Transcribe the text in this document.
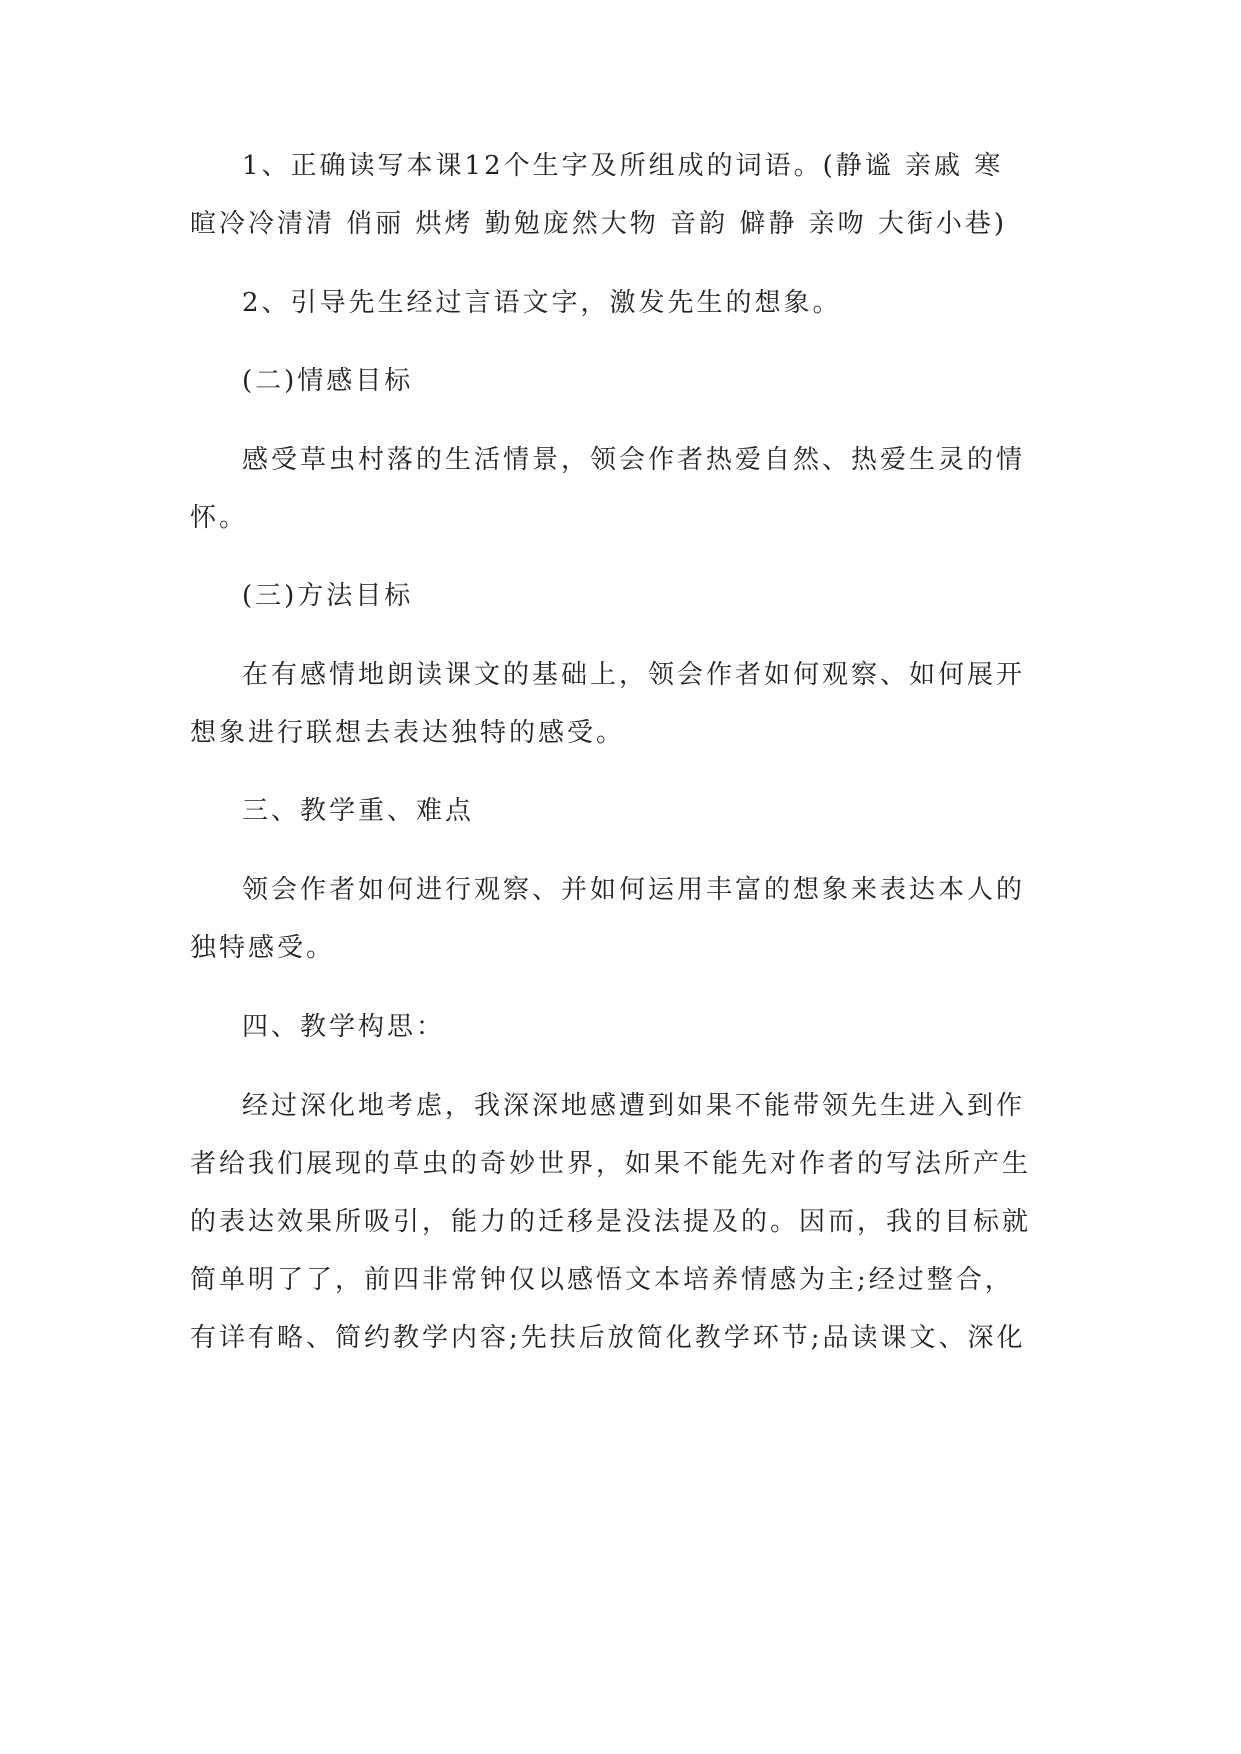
1、正确读写本课12个生字及所组成的词语。(静谧 亲戚 寒
暄冷冷清清 俏丽 烘烤 勤勉庞然大物 音韵 僻静 亲吻 大街小巷)
2、引导先生经过言语文字，激发先生的想象。
(二)情感目标
感受草虫村落的生活情景，领会作者热爱自然、热爱生灵的情
怀。
(三)方法目标
在有感情地朗读课文的基础上，领会作者如何观察、如何展开
想象进行联想去表达独特的感受。
三、教学重、难点
领会作者如何进行观察、并如何运用丰富的想象来表达本人的
独特感受。
四、教学构思：
经过深化地考虑，我深深地感遭到如果不能带领先生进入到作
者给我们展现的草虫的奇妙世界，如果不能先对作者的写法所产生
的表达效果所吸引，能力的迁移是没法提及的。因而，我的目标就
简单明了了，前四非常钟仅以感悟文本培养情感为主;经过整合，
有详有略、简约教学内容;先扶后放简化教学环节;品读课文、深化
